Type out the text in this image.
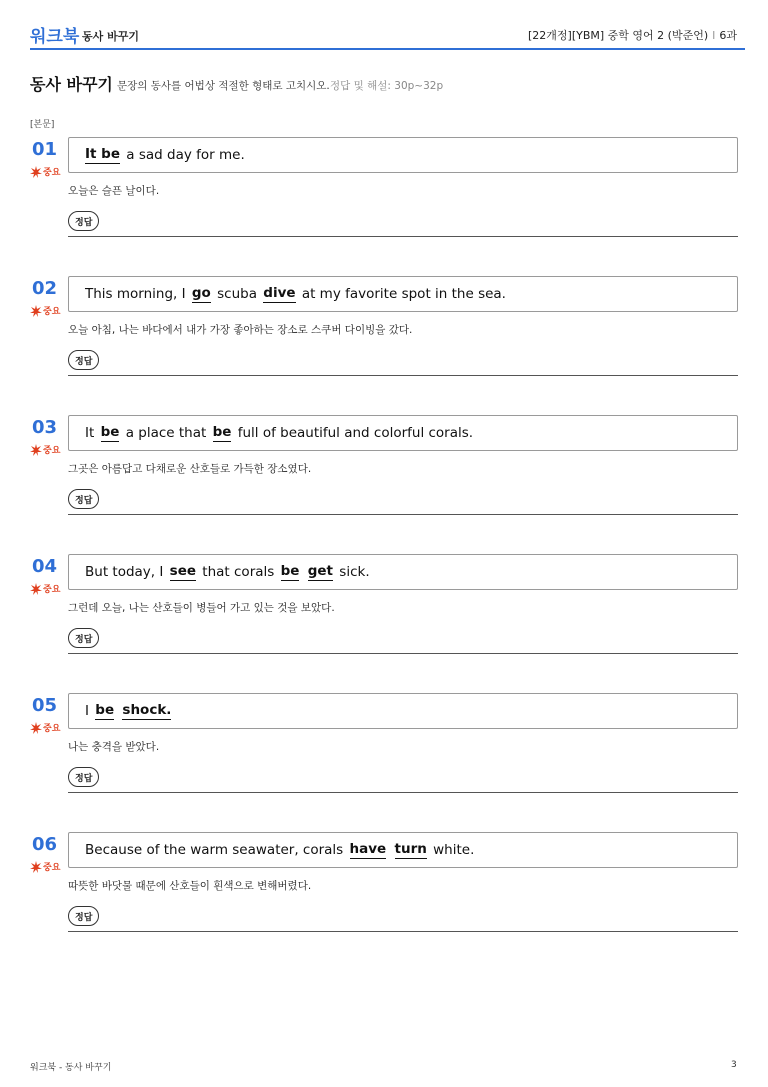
워크북 동사 바꾸기	[22개정][YBM] 중학 영어 2 (박준언) I 6과
동사 바꾸기 문장의 동사를 어법상 적절한 형태로 고치시오. 정답 및 해설: 30p~32p
[본문]
01
중요
It be a sad day for me.
오늘은 슬픈 날이다.
정답
02
중요
This morning, I go scuba dive at my favorite spot in the sea.
오늘 아침, 나는 바다에서 내가 가장 좋아하는 장소로 스쿠버 다이빙을 갔다.
정답
03
중요
It be a place that be full of beautiful and colorful corals.
그곳은 아름답고 다채로운 산호들로 가득한 장소였다.
정답
04
중요
But today, I see that corals be
get sick.
그런데 오늘, 나는 산호들이 병들어 가고 있는 것을 보았다.
정답
05
중요
I be
shock.
나는 충격을 받았다.
정답
06
중요
Because of the warm seawater, corals have
turn white.
따뜻한 바닷물 때문에 산호들이 흰색으로 변해버렸다.
정답
워크북 - 동사 바꾸기	3
